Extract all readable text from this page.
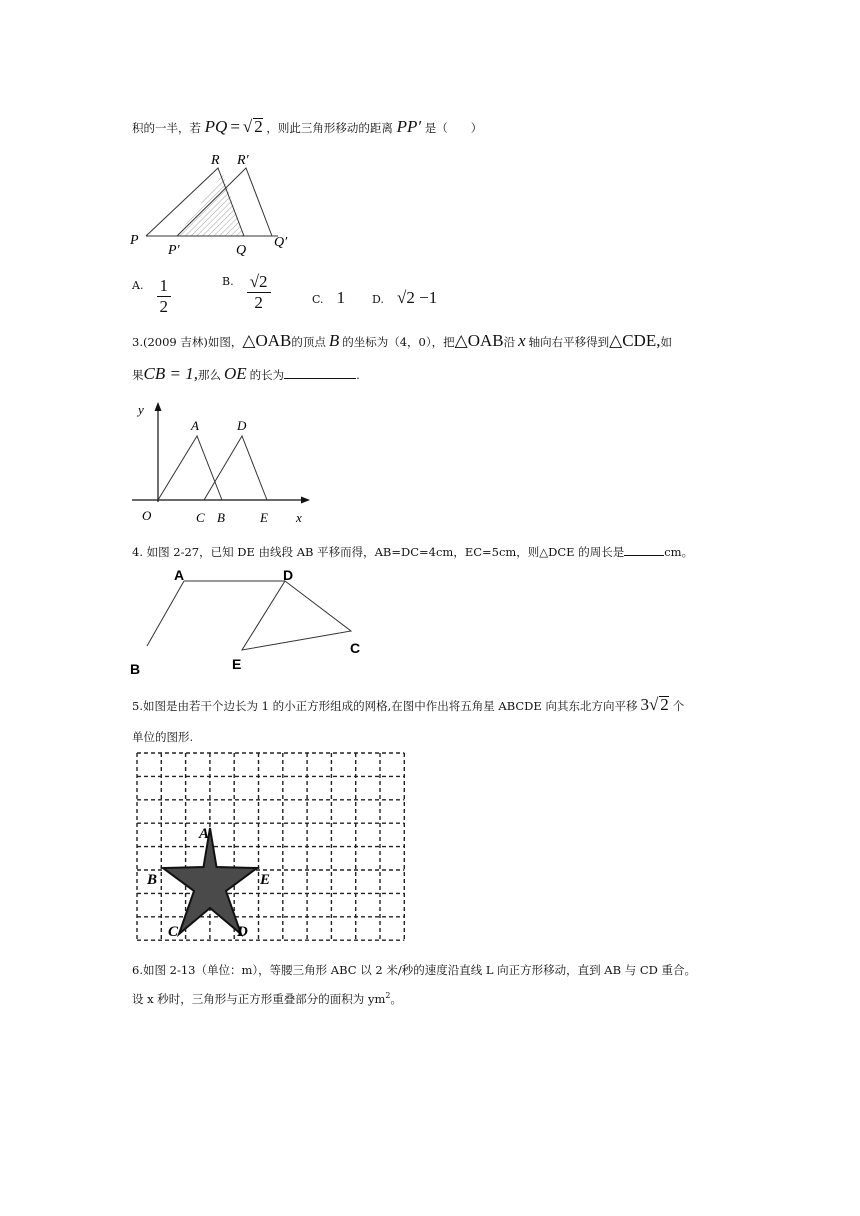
积的一半，若 PQ = √ 2 ，则此三角形移动的距离 PP′ 是（　　）
P
P′	Q
Q′
R R′
$^{A.} \frac{1}{2}$	$^{B.} \frac{√2}{2}$	C. 1 D. √2 −1
3.(2009 吉林)如图，△OAB的顶点 B 的坐标为（4，0），把△OAB沿 x 轴向右平移得到△CDE,如
果CB = 1,那么 OE 的长为	.
y
x
O
A	D
C B	E
4. 如图 2-27，已知 DE 由线段 AB 平移而得，AB=DC=4cm，EC=5cm，则△DCE 的周长是	cm。
A	D
B	E
C
5.如图是由若干个边长为 1 的小正方形组成的网格,在图中作出将五角星 ABCDE 向其东北方向平移 3√ 2 个
单位的图形.
A
B	E
C	D
6.如图 2-13（单位：m），等腰三角形 ABC 以 2 米/秒的速度沿直线 L 向正方形移动，直到 AB 与 CD 重合。
设 x 秒时，三角形与正方形重叠部分的面积为 $ym^2$。
